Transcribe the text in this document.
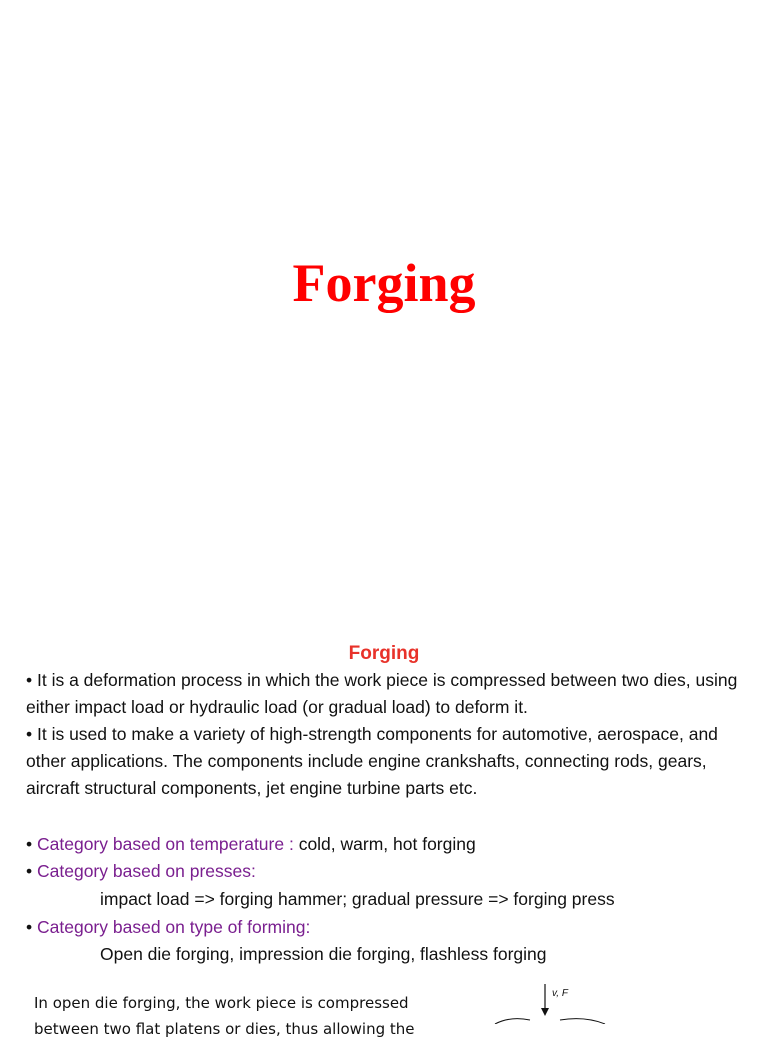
Forging
Forging

• It is a deformation process in which the work piece is compressed between two dies, using either impact load or hydraulic load (or gradual load) to deform it.

• It is used to make a variety of high-strength components for automotive, aerospace, and other applications. The components include engine crankshafts, connecting rods, gears, aircraft structural components, jet engine turbine parts etc.

• Category based on temperature : cold, warm, hot forging

• Category based on presses:

impact load => forging hammer; gradual pressure => forging press

• Category based on type of forming:

Open die forging, impression die forging, flashless forging

In open die forging, the work piece is compressed between two flat platens or dies, thus allowing the

v, F
